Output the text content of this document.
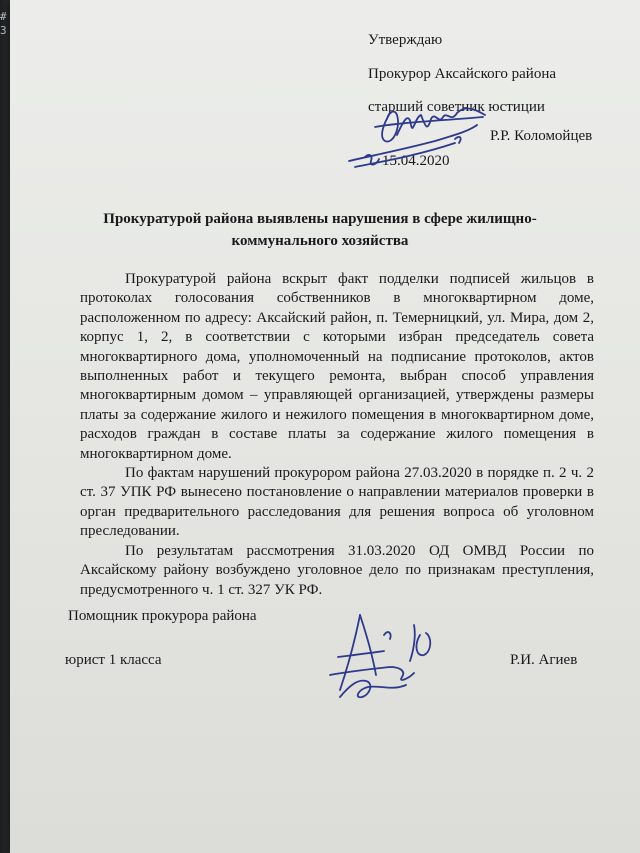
# 3
Утверждаю
Прокурор Аксайского района
старший советник юстиции
Р.Р. Коломойцев
15.04.2020
Прокуратурой района выявлены нарушения в сфере жилищно-коммунального хозяйства

Прокуратурой района вскрыт факт подделки подписей жильцов в протоколах голосования собственников в многоквартирном доме, расположенном по адресу: Аксайский район, п. Темерницкий, ул. Мира, дом 2, корпус 1, 2, в соответствии с которыми избран председатель совета многоквартирного дома, уполномоченный на подписание протоколов, актов выполненных работ и текущего ремонта, выбран способ управления многоквартирным домом – управляющей организацией, утверждены размеры платы за содержание жилого и нежилого помещения в многоквартирном доме, расходов граждан в составе платы за содержание жилого помещения в многоквартирном доме.

По фактам нарушений прокурором района 27.03.2020 в порядке п. 2 ч. 2 ст. 37 УПК РФ вынесено постановление о направлении материалов проверки в орган предварительного расследования для решения вопроса об уголовном преследовании.

По результатам рассмотрения 31.03.2020 ОД ОМВД России по Аксайскому району возбуждено уголовное дело по признакам преступления, предусмотренного ч. 1 ст. 327 УК РФ.

Помощник прокурора района
юрист 1 класса	Р.И. Агиев
